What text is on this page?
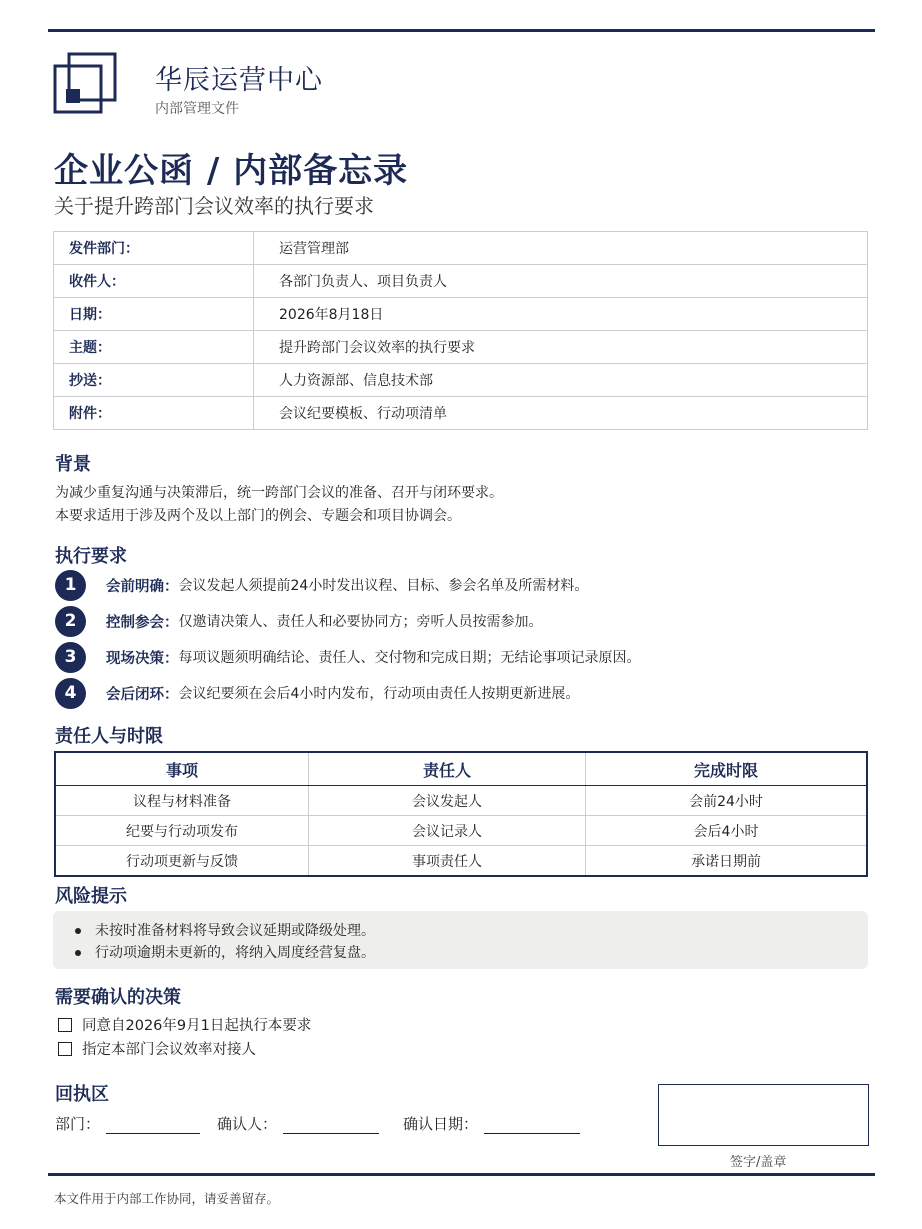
华辰运营中心
内部管理文件
企业公函 / 内部备忘录
关于提升跨部门会议效率的执行要求
发件部门：	运营管理部
收件人：	各部门负责人、项目负责人
日期：	2026年8月18日
主题：	提升跨部门会议效率的执行要求
抄送：	人力资源部、信息技术部
附件：	会议纪要模板、行动项清单
背景
为减少重复沟通与决策滞后，统一跨部门会议的准备、召开与闭环要求。
本要求适用于涉及两个及以上部门的例会、专题会和项目协调会。
执行要求
1	会前明确： 会议发起人须提前24小时发出议程、目标、参会名单及所需材料。
2	控制参会： 仅邀请决策人、责任人和必要协同方；旁听人员按需参加。
3	现场决策： 每项议题须明确结论、责任人、交付物和完成日期；无结论事项记录原因。
4	会后闭环： 会议纪要须在会后4小时内发布，行动项由责任人按期更新进展。
责任人与时限
事项	责任人	完成时限
议程与材料准备	会议发起人	会前24小时
纪要与行动项发布	会议记录人	会后4小时
行动项更新与反馈	事项责任人	承诺日期前
风险提示
未按时准备材料将导致会议延期或降级处理。
行动项逾期未更新的，将纳入周度经营复盘。
需要确认的决策
同意自2026年9月1日起执行本要求
指定本部门会议效率对接人
回执区
部门：	确认人：	确认日期：
签字/盖章
本文件用于内部工作协同，请妥善留存。
